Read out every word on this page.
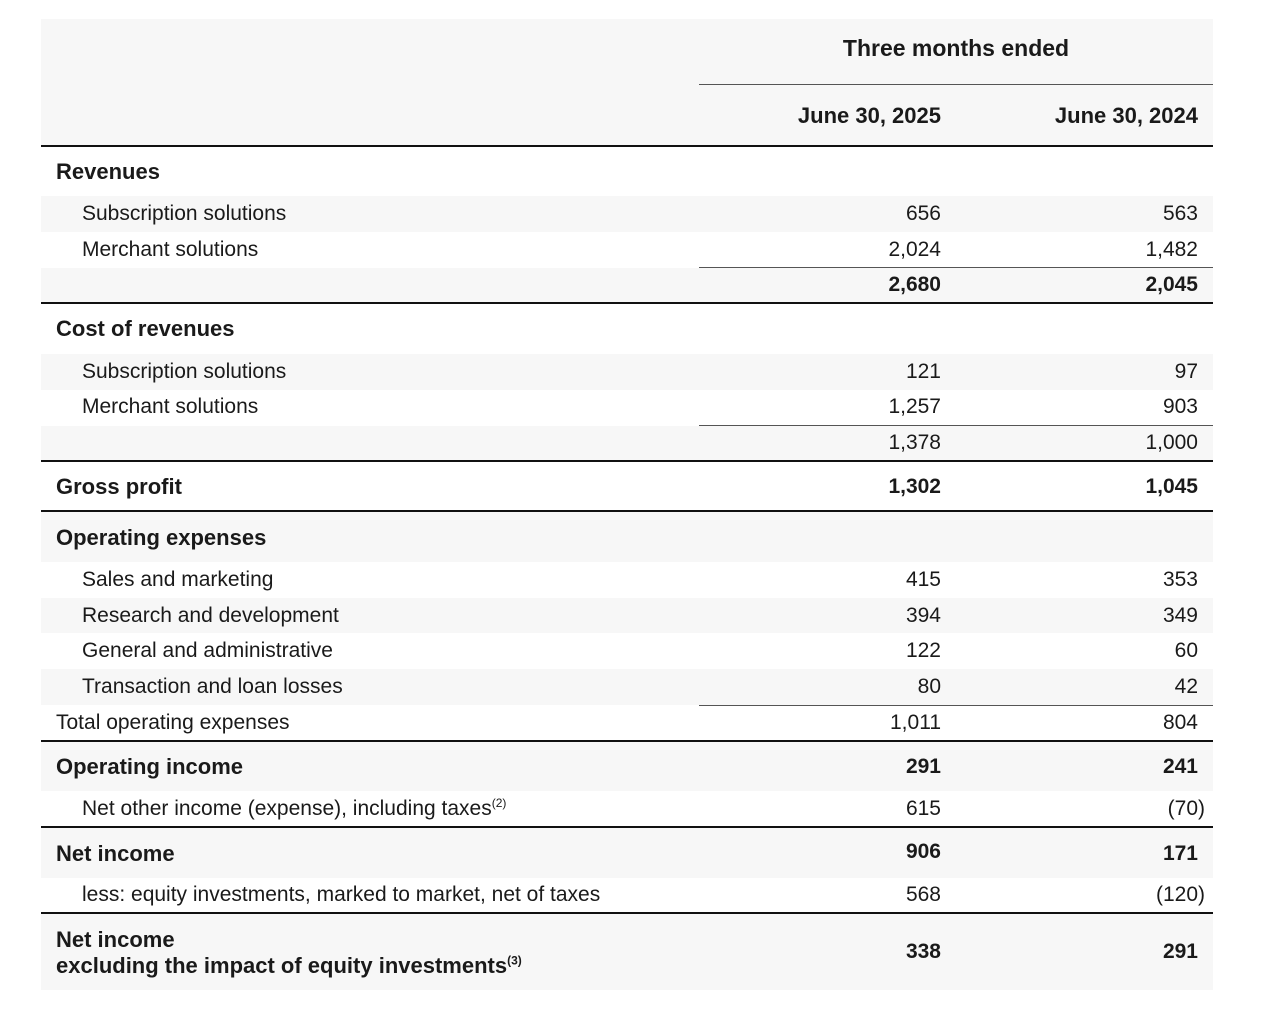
Three months ended
June 30, 2025	June 30, 2024
Revenues
Subscription solutions	656	563
Merchant solutions	2,024	1,482
2,680	2,045
Cost of revenues
Subscription solutions	121	97
Merchant solutions	1,257	903
1,378	1,000
Gross profit	1,302	1,045
Operating expenses
Sales and marketing	415	353
Research and development	394	349
General and administrative	122	60
Transaction and loan losses	80	42
Total operating expenses	1,011	804
Operating income	291	241
Net other income (expense), including taxes$^{(2)}$	615	(70)
Net income	906	171
less: equity investments, marked to market, net of taxes	568	(120)
Net income
excluding the impact of equity investments$^{(3)}$	338	291
